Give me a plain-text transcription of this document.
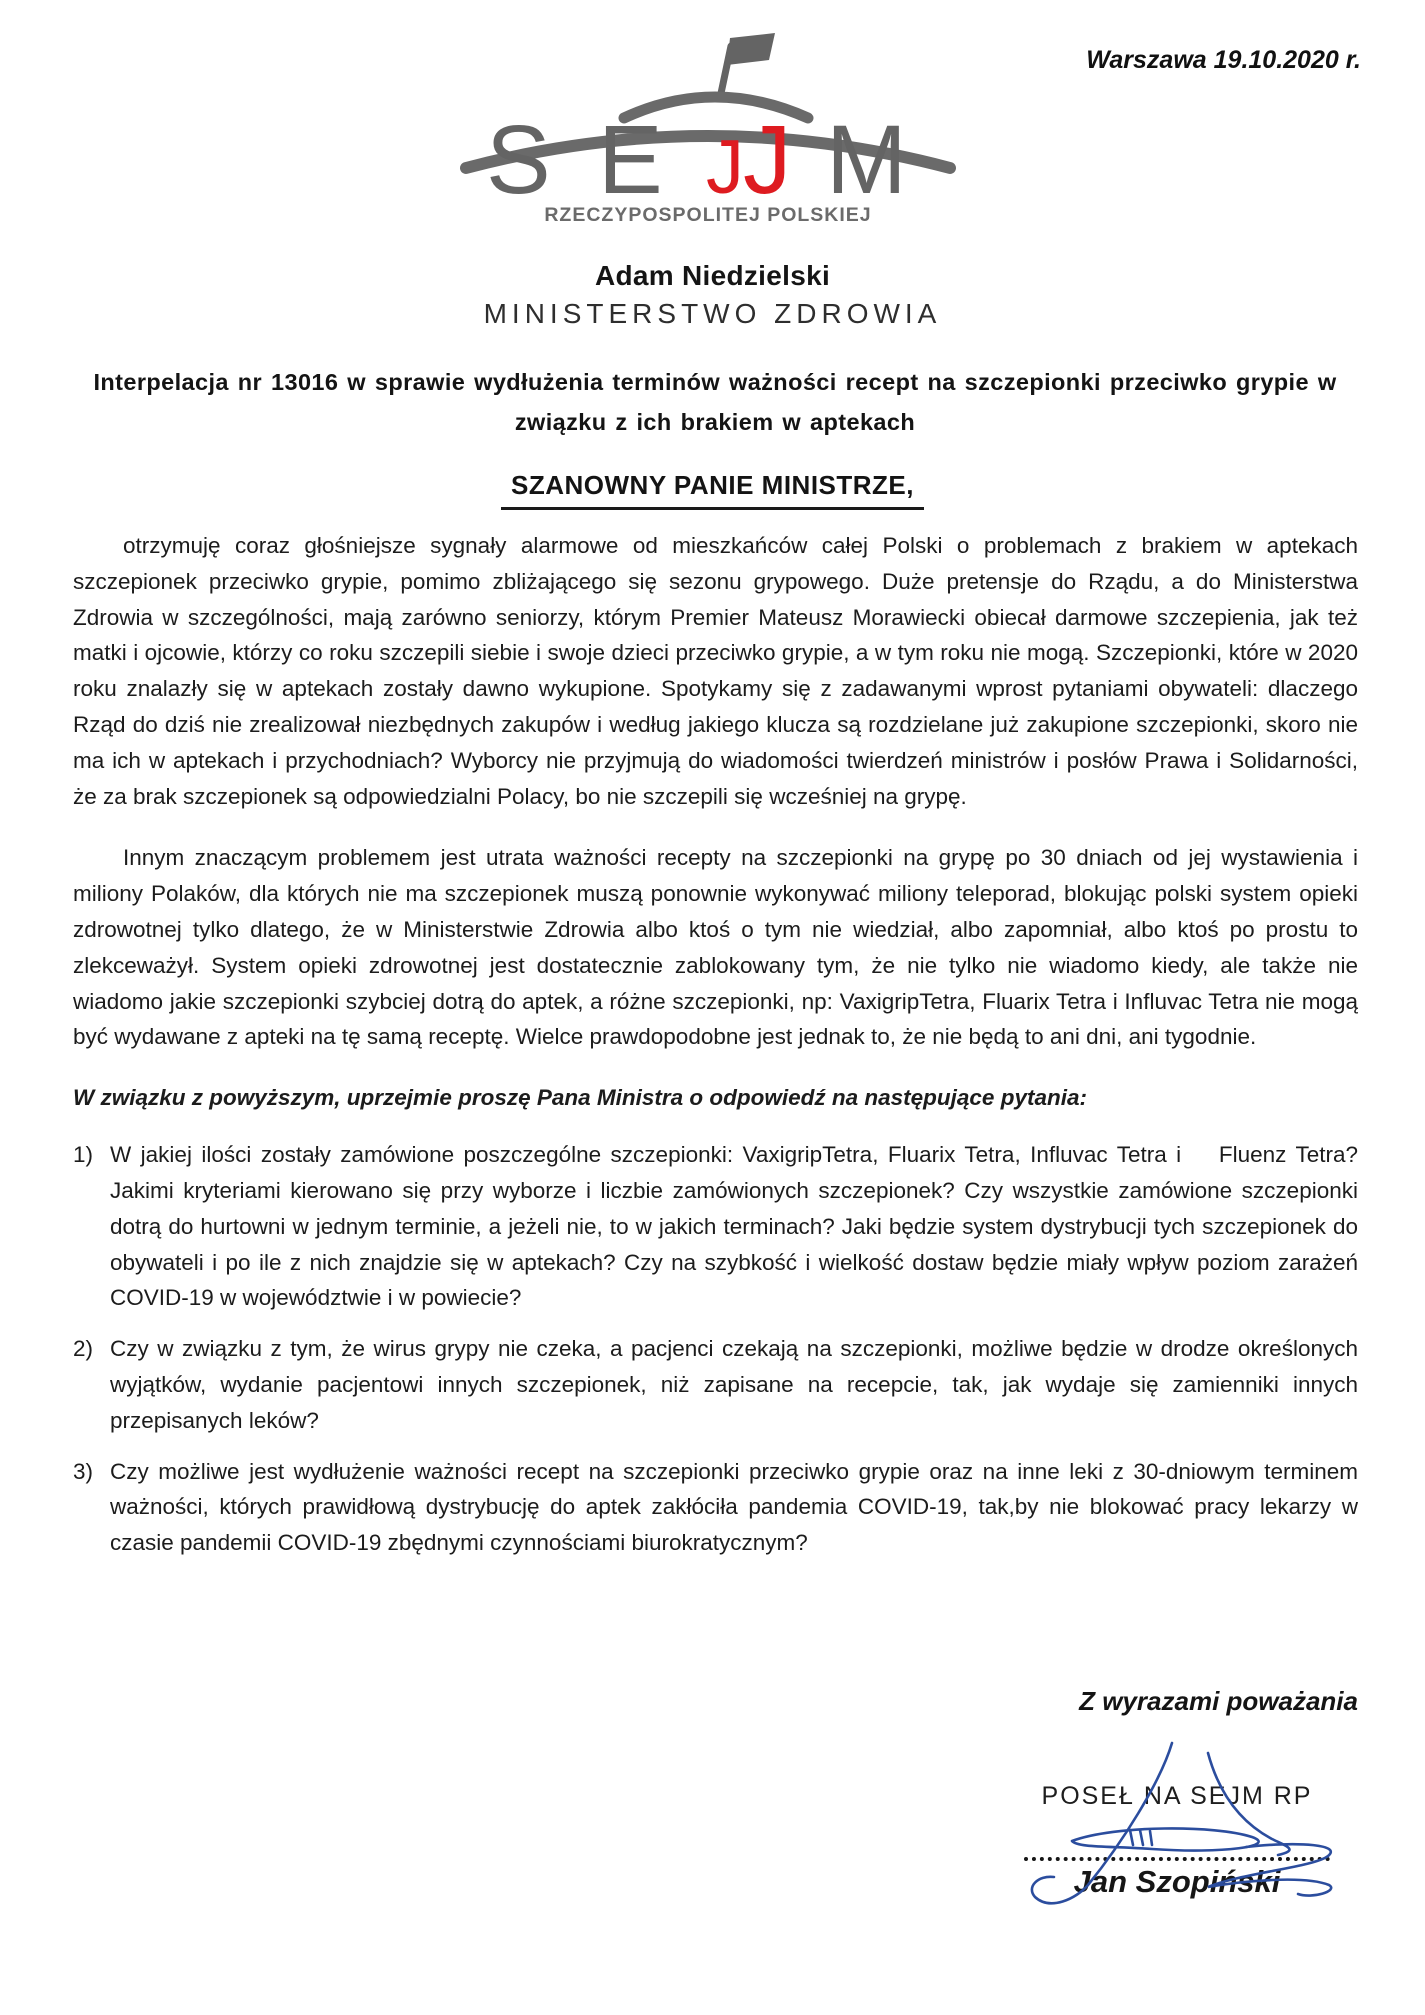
Warszawa 19.10.2020 r.
S E J J M
RZECZYPOSPOLITEJ POLSKIEJ
Adam Niedzielski
MINISTERSTWO ZDROWIA
Interpelacja nr 13016 w sprawie wydłużenia terminów ważności recept na szczepionki przeciwko grypie w związku z ich brakiem w aptekach
SZANOWNY PANIE MINISTRZE,

otrzymuję coraz głośniejsze sygnały alarmowe od mieszkańców całej Polski o problemach z brakiem w aptekach szczepionek przeciwko grypie, pomimo zbliżającego się sezonu grypowego. Duże pretensje do Rządu, a do Ministerstwa Zdrowia w szczególności, mają zarówno seniorzy, którym Premier Mateusz Morawiecki obiecał darmowe szczepienia, jak też matki i ojcowie, którzy co roku szczepili siebie i swoje dzieci przeciwko grypie, a w tym roku nie mogą. Szczepionki, które w 2020 roku znalazły się w aptekach zostały dawno wykupione. Spotykamy się z zadawanymi wprost pytaniami obywateli: dlaczego Rząd do dziś nie zrealizował niezbędnych zakupów i według jakiego klucza są rozdzielane już zakupione szczepionki, skoro nie ma ich w aptekach i przychodniach? Wyborcy nie przyjmują do wiadomości twierdzeń ministrów i posłów Prawa i Solidarności, że za brak szczepionek są odpowiedzialni Polacy, bo nie szczepili się wcześniej na grypę.

Innym znaczącym problemem jest utrata ważności recepty na szczepionki na grypę po 30 dniach od jej wystawienia i miliony Polaków, dla których nie ma szczepionek muszą ponownie wykonywać miliony teleporad, blokując polski system opieki zdrowotnej tylko dlatego, że w Ministerstwie Zdrowia albo ktoś o tym nie wiedział, albo zapomniał, albo ktoś po prostu to zlekceważył. System opieki zdrowotnej jest dostatecznie zablokowany tym, że nie tylko nie wiadomo kiedy, ale także nie wiadomo jakie szczepionki szybciej dotrą do aptek, a różne szczepionki, np: VaxigripTetra, Fluarix Tetra i Influvac Tetra nie mogą być wydawane z apteki na tę samą receptę. Wielce prawdopodobne jest jednak to, że nie będą to ani dni, ani tygodnie.

W związku z powyższym, uprzejmie proszę Pana Ministra o odpowiedź na następujące pytania:
1) W jakiej ilości zostały zamówione poszczególne szczepionki: VaxigripTetra, Fluarix Tetra, Influvac Tetra i    Fluenz Tetra? Jakimi kryteriami kierowano się przy wyborze i liczbie zamówionych szczepionek? Czy wszystkie zamówione szczepionki dotrą do hurtowni w jednym terminie, a jeżeli nie, to w jakich terminach? Jaki będzie system dystrybucji tych szczepionek do obywateli i po ile z nich znajdzie się w aptekach? Czy na szybkość i wielkość dostaw będzie miały wpływ poziom zarażeń COVID-19 w województwie i w powiecie?
2) Czy w związku z tym, że wirus grypy nie czeka, a pacjenci czekają na szczepionki, możliwe będzie w drodze określonych wyjątków, wydanie pacjentowi innych szczepionek, niż zapisane na recepcie, tak, jak wydaje się zamienniki innych przepisanych leków?
3) Czy możliwe jest wydłużenie ważności recept na szczepionki przeciwko grypie oraz na inne leki z 30-dniowym terminem ważności, których prawidłową dystrybucję do aptek zakłóciła pandemia COVID-19, tak,by nie blokować pracy lekarzy w czasie pandemii COVID-19 zbędnymi czynnościami biurokratycznym?
Z wyrazami poważania
POSEŁ NA SEJM RP
Jan Szopiński
